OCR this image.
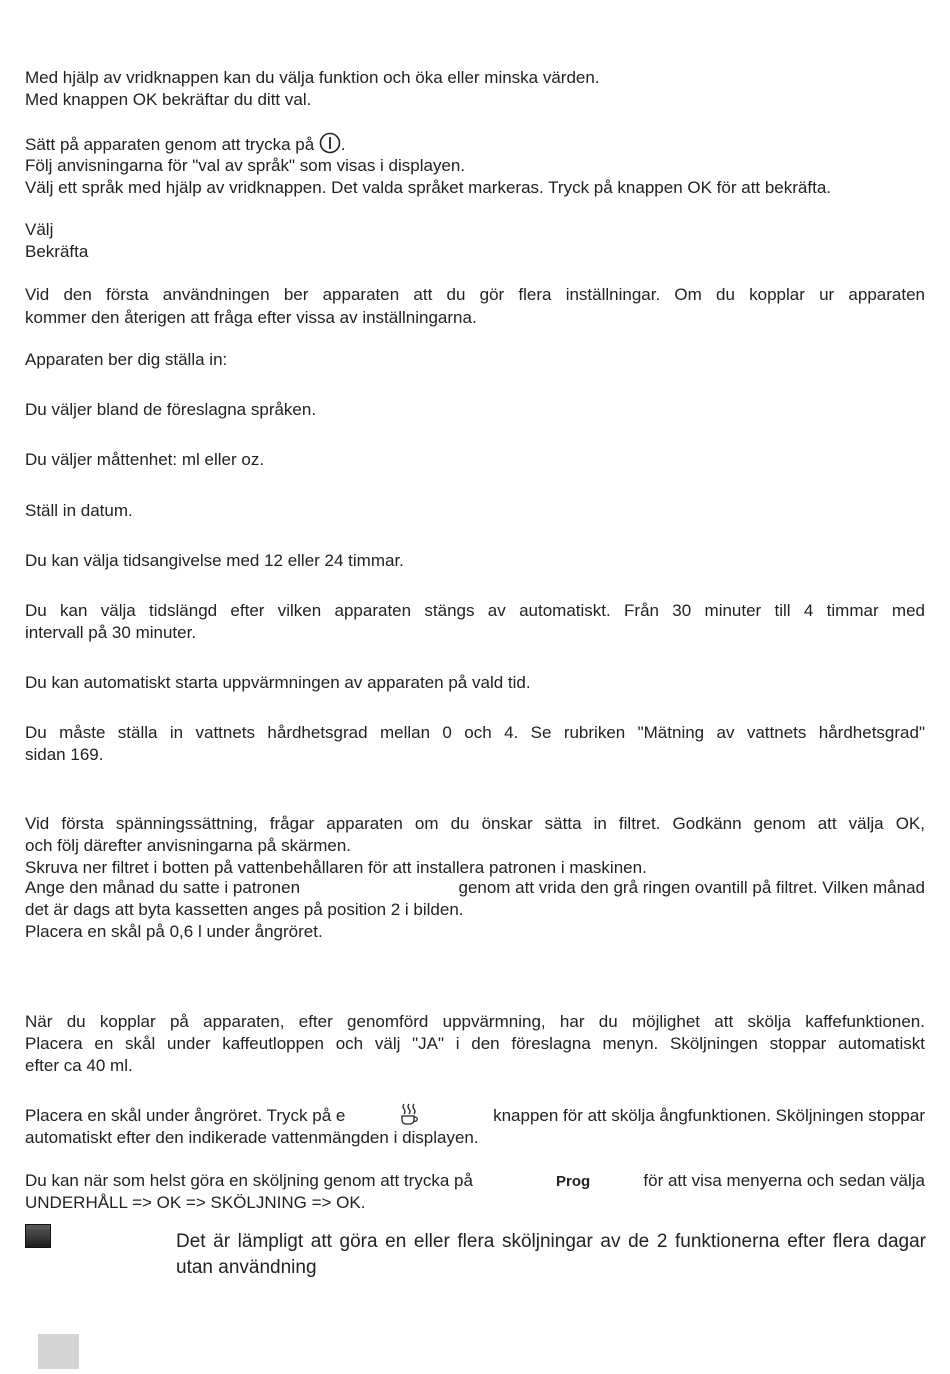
Med hjälp av vridknappen kan du välja funktion och öka eller minska värden.
Med knappen OK bekräftar du ditt val.
Sätt på apparaten genom att trycka på .
Följ anvisningarna för "val av språk" som visas i displayen.
Välj ett språk med hjälp av vridknappen. Det valda språket markeras. Tryck på knappen OK för att bekräfta.
Välj
Bekräfta
Vid den första användningen ber apparaten att du gör flera inställningar. Om du kopplar ur apparaten
kommer den återigen att fråga efter vissa av inställningarna.
Apparaten ber dig ställa in:
Du väljer bland de föreslagna språken.
Du väljer måttenhet: ml eller oz.
Ställ in datum.
Du kan välja tidsangivelse med 12 eller 24 timmar.
Du kan välja tidslängd efter vilken apparaten stängs av automatiskt. Från 30 minuter till 4 timmar med
intervall på 30 minuter.
Du kan automatiskt starta uppvärmningen av apparaten på vald tid.
Du måste ställa in vattnets hårdhetsgrad mellan 0 och 4. Se rubriken "Mätning av vattnets hårdhetsgrad"
sidan 169.
Vid första spänningssättning, frågar apparaten om du önskar sätta in filtret. Godkänn genom att välja OK,
och följ därefter anvisningarna på skärmen.
Skruva ner filtret i botten på vattenbehållaren för att installera patronen i maskinen.
Ange den månad du satte i patronen	genom att vrida den grå ringen ovantill på filtret. Vilken månad
det är dags att byta kassetten anges på position 2 i bilden.
Placera en skål på 0,6 l under ångröret.
När du kopplar på apparaten, efter genomförd uppvärmning, har du möjlighet att skölja kaffefunktionen.
Placera en skål under kaffeutloppen och välj "JA" i den föreslagna menyn. Sköljningen stoppar automatiskt
efter ca 40 ml.
Placera en skål under ångröret. Tryck på e	knappen för att skölja ångfunktionen. Sköljningen stoppar
automatiskt efter den indikerade vattenmängden i displayen.
Du kan när som helst göra en sköljning genom att trycka på	Prog	för att visa menyerna och sedan välja
UNDERHÅLL => OK => SKÖLJNING => OK.
Det är lämpligt att göra en eller flera sköljningar av de 2 funktionerna efter flera dagar
utan användning
